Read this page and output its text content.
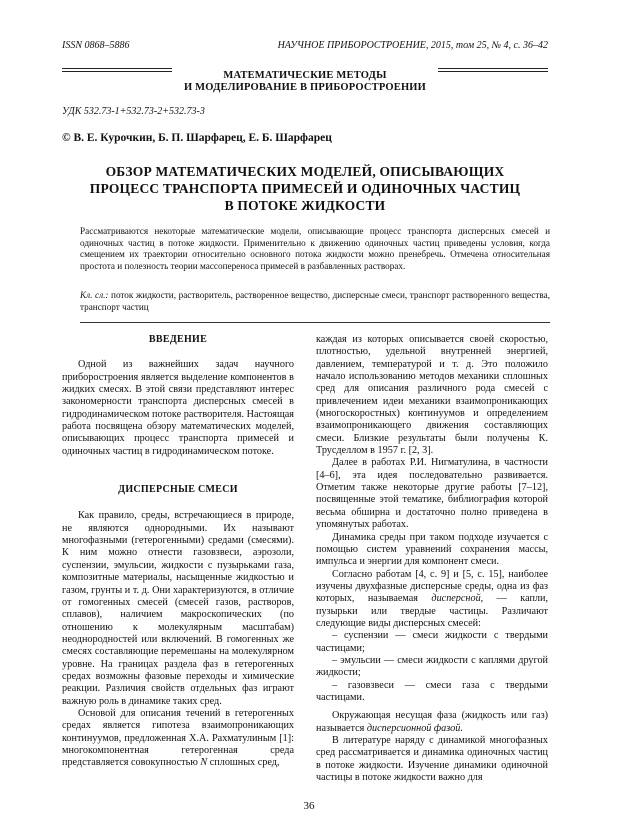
ISSN 0868–5886	НАУЧНОЕ ПРИБОРОСТРОЕНИЕ, 2015, том 25, № 4, c. 36–42
МАТЕМАТИЧЕСКИЕ МЕТОДЫ
И МОДЕЛИРОВАНИЕ В ПРИБОРОСТРОЕНИИ
УДК 532.73-1+532.73-2+532.73-3
© В. Е. Курочкин, Б. П. Шарфарец, Е. Б. Шарфарец
ОБЗОР МАТЕМАТИЧЕСКИХ МОДЕЛЕЙ, ОПИСЫВАЮЩИХ
ПРОЦЕСС ТРАНСПОРТА ПРИМЕСЕЙ И ОДИНОЧНЫХ ЧАСТИЦ
В ПОТОКЕ ЖИДКОСТИ
Рассматриваются некоторые математические модели, описывающие процесс транспорта дисперсных смесей и одиночных частиц в потоке жидкости. Применительно к движению одиночных частиц приведены условия, когда смещением их траектории относительно основного потока жидкости можно пренебречь. Отмечена относительная простота и полезность теории массопереноса примесей в разбавленных растворах.
Кл. сл.: поток жидкости, растворитель, растворенное вещество, дисперсные смеси, транспорт растворенного вещества, транспорт частиц
ВВЕДЕНИЕ

Одной из важнейших задач научного приборостроения является выделение компонентов в жидких смесях. В этой связи представляют интерес закономерности транспорта дисперсных смесей в гидродинамическом потоке растворителя. Настоящая работа посвящена обзору математических моделей, описывающих процесс транспорта примесей и одиночных частиц в гидродинамическом потоке.

ДИСПЕРСНЫЕ СМЕСИ

Как правило, среды, встречающиеся в природе, не являются однородными. Их называют многофазными (гетерогенными) средами (смесями). К ним можно отнести газовзвеси, аэрозоли, суспензии, эмульсии, жидкости с пузырьками газа, композитные материалы, насыщенные жидкостью и газом, грунты и т. д. Они характеризуются, в отличие от гомогенных смесей (смесей газов, растворов, сплавов), наличием макроскопических (по отношению к молекулярным масштабам) неоднородностей или включений. В гомогенных же смесях составляющие перемешаны на молекулярном уровне. На границах раздела фаз в гетерогенных средах возможны фазовые переходы и химические реакции. Различия свойств отдельных фаз играют важную роль в динамике таких сред.

Основой для описания течений в гетерогенных средах является гипотеза взаимопроникающих континуумов, предложенная Х.А. Рахматулиным [1]: многокомпонентная гетерогенная среда представляется совокупностью N сплошных сред,

каждая из которых описывается своей скоростью, плотностью, удельной внутренней энергией, давлением, температурой и т. д. Это положило начало использованию методов механики сплошных сред для описания различного рода смесей с привлечением идеи механики взаимопроникающих (многоскоростных) континуумов и определением взаимопроникающего движения составляющих смеси. Близкие результаты были получены К. Трусделлом в 1957 г. [2, 3].

Далее в работах Р.И. Нигматулина, в частности [4–6], эта идея последовательно развивается. Отметим также некоторые другие работы [7–12], посвященные этой тематике, библиография которой весьма обширна и достаточно полно приведена в упомянутых работах.

Динамика среды при таком подходе изучается с помощью систем уравнений сохранения массы, импульса и энергии для компонент смеси.

Согласно работам [4, с. 9] и [5, с. 15], наиболее изучены двухфазные дисперсные среды, одна из фаз которых, называемая дисперсной, — капли, пузырьки или твердые частицы. Различают следующие виды дисперсных смесей:

– суспензии — смеси жидкости с твердыми частицами;
– эмульсии — смеси жидкости с каплями другой жидкости;
– газовзвеси — смеси газа с твердыми частицами.

Окружающая несущая фаза (жидкость или газ) называется дисперсионной фазой.

В литературе наряду с динамикой многофазных сред рассматривается и динамика одиночных частиц в потоке жидкости. Изучение динамики одиночной частицы в потоке жидкости важно для

36
